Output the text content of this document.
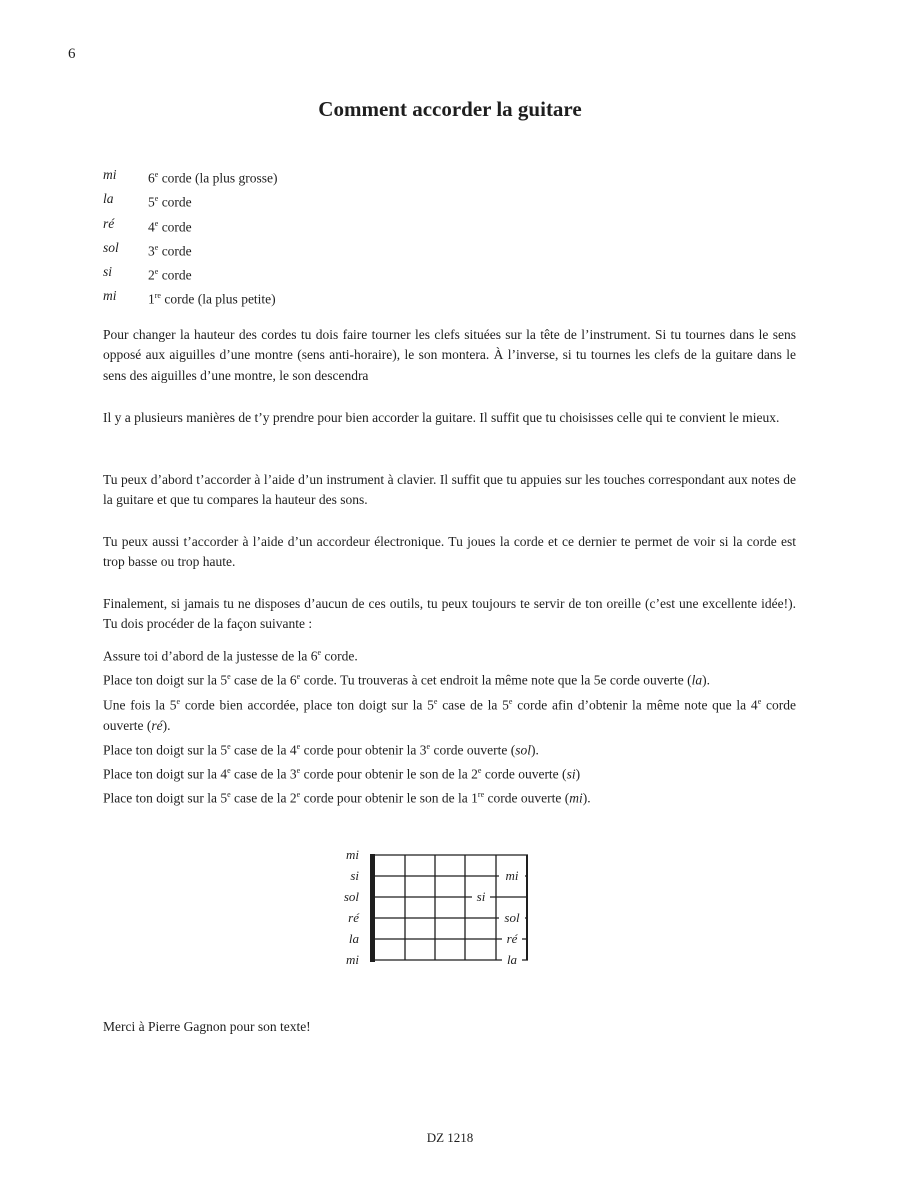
6
Comment accorder la guitare
mi	6e corde (la plus grosse)
la	5e corde
ré	4e corde
sol	3e corde
si	2e corde
mi	1re corde (la plus petite)

Pour changer la hauteur des cordes tu dois faire tourner les clefs situées sur la tête de l’instrument. Si tu tournes dans le sens opposé aux aiguilles d’une montre (sens anti-horaire), le son montera. À l’inverse, si tu tournes les clefs de la guitare dans le sens des aiguilles d’une montre, le son descendra

Il y a plusieurs manières de t’y prendre pour bien accorder la guitare. Il suffit que tu choisisses celle qui te convient le mieux.

Tu peux d’abord t’accorder à l’aide d’un instrument à clavier. Il suffit que tu appuies sur les touches correspondant aux notes de la guitare et que tu compares la hauteur des sons.

Tu peux aussi t’accorder à l’aide d’un accordeur électronique. Tu joues la corde et ce dernier te permet de voir si la corde est trop basse ou trop haute.

Finalement, si jamais tu ne disposes d’aucun de ces outils, tu peux toujours te servir de ton oreille (c’est une excellente idée!). Tu dois procéder de la façon suivante :

Assure toi d’abord de la justesse de la 6e corde.

Place ton doigt sur la 5e case de la 6e corde. Tu trouveras à cet endroit la même note que la 5e corde ouverte (la).

Une fois la 5e corde bien accordée, place ton doigt sur la 5e case de la 5e corde afin d’obtenir la même note que la 4e corde ouverte (ré).

Place ton doigt sur la 5e case de la 4e corde pour obtenir la 3e corde ouverte (sol).

Place ton doigt sur la 4e case de la 3e corde pour obtenir le son de la 2e corde ouverte (si)

Place ton doigt sur la 5e case de la 2e corde pour obtenir le son de la 1re corde ouverte (mi).

mi
si
sol
ré
la
mi
mi
si
sol
ré
la
Merci à Pierre Gagnon pour son texte!
DZ 1218
